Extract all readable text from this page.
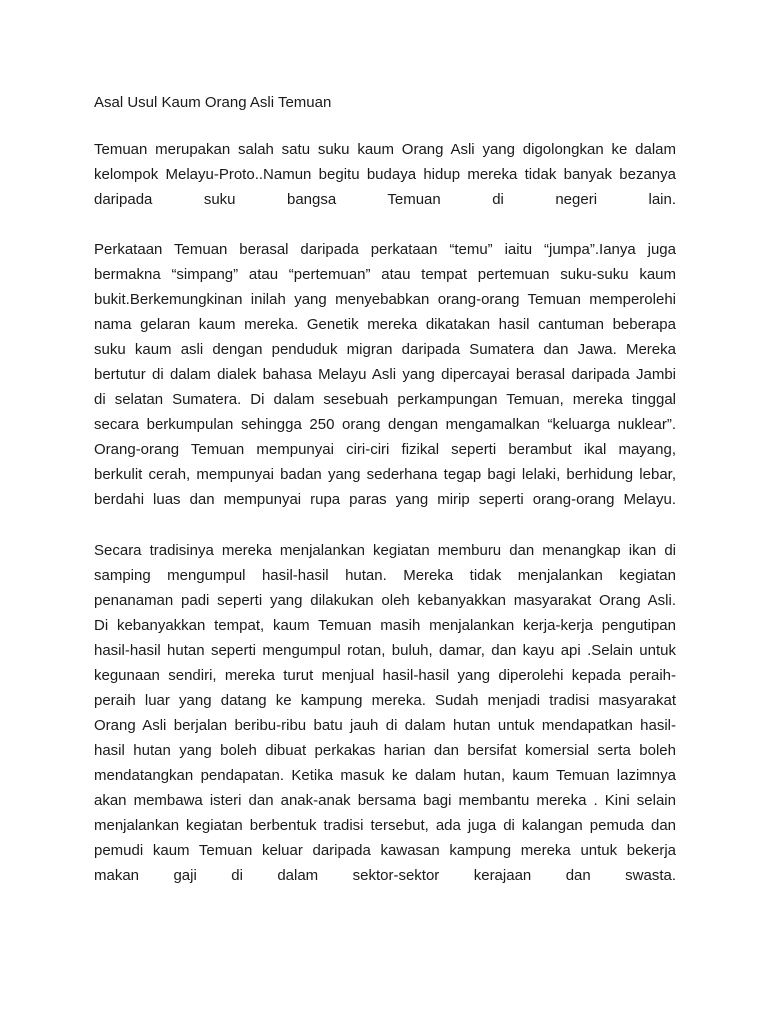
Asal Usul Kaum Orang Asli Temuan
Temuan merupakan salah satu suku kaum Orang Asli yang digolongkan ke dalam
kelompok Melayu-Proto..Namun begitu budaya hidup mereka tidak banyak bezanya
daripada suku bangsa Temuan di negeri lain.
Perkataan Temuan berasal daripada perkataan “temu” iaitu “jumpa”.Ianya juga
bermakna “simpang” atau “pertemuan” atau tempat pertemuan suku-suku kaum
bukit.Berkemungkinan inilah yang menyebabkan orang-orang Temuan memperolehi
nama gelaran kaum mereka. Genetik mereka dikatakan hasil cantuman beberapa
suku kaum asli dengan penduduk migran daripada Sumatera dan Jawa. Mereka
bertutur di dalam dialek bahasa Melayu Asli yang dipercayai berasal daripada Jambi
di selatan Sumatera. Di dalam sesebuah perkampungan Temuan, mereka tinggal
secara berkumpulan sehingga 250 orang dengan mengamalkan “keluarga nuklear”.
Orang-orang Temuan mempunyai ciri-ciri fizikal seperti berambut ikal mayang,
berkulit cerah, mempunyai badan yang sederhana tegap bagi lelaki, berhidung lebar,
berdahi luas dan mempunyai rupa paras yang mirip seperti orang-orang Melayu.
Secara tradisinya mereka menjalankan kegiatan memburu dan menangkap ikan di
samping mengumpul hasil-hasil hutan. Mereka tidak menjalankan kegiatan
penanaman padi seperti yang dilakukan oleh kebanyakkan masyarakat Orang Asli.
Di kebanyakkan tempat, kaum Temuan masih menjalankan kerja-kerja pengutipan
hasil-hasil hutan seperti mengumpul rotan, buluh, damar, dan kayu api .Selain untuk
kegunaan sendiri, mereka turut menjual hasil-hasil yang diperolehi kepada peraih-
peraih luar yang datang ke kampung mereka. Sudah menjadi tradisi masyarakat
Orang Asli berjalan beribu-ribu batu jauh di dalam hutan untuk mendapatkan hasil-
hasil hutan yang boleh dibuat perkakas harian dan bersifat komersial serta boleh
mendatangkan pendapatan. Ketika masuk ke dalam hutan, kaum Temuan lazimnya
akan membawa isteri dan anak-anak bersama bagi membantu mereka . Kini selain
menjalankan kegiatan berbentuk tradisi tersebut, ada juga di kalangan pemuda dan
pemudi kaum Temuan keluar daripada kawasan kampung mereka untuk bekerja
makan gaji di dalam sektor-sektor kerajaan dan swasta.
